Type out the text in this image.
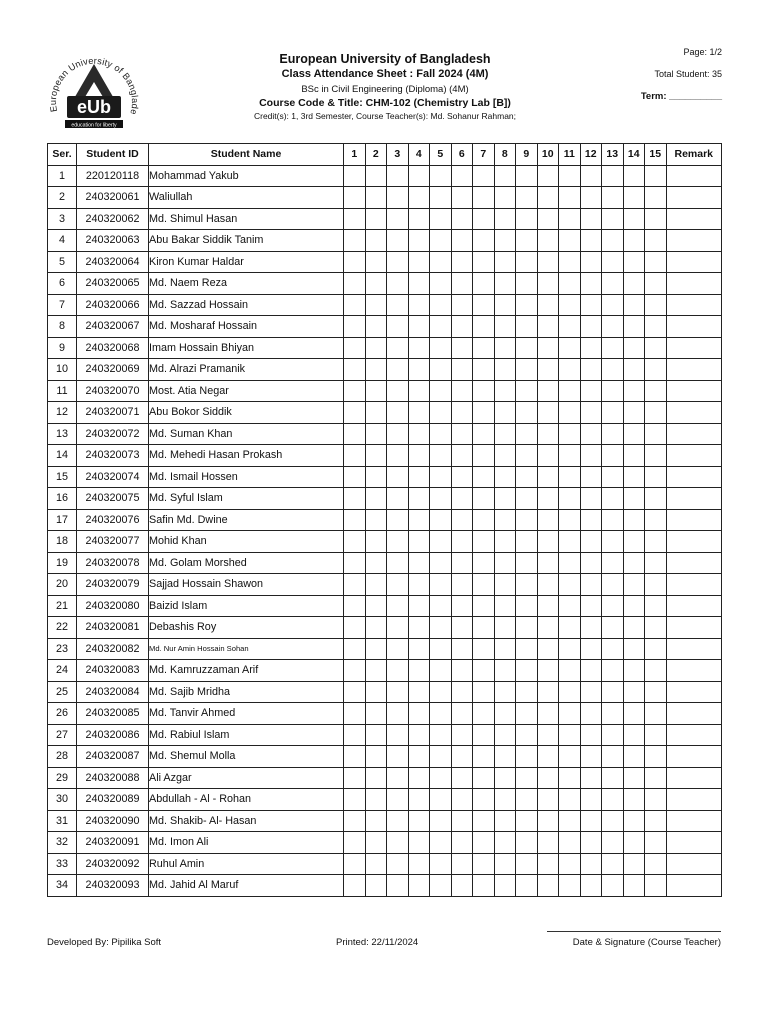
European University of Banglade
eUb
education for liberty
European University of Bangladesh
Class Attendance Sheet : Fall 2024 (4M)
BSc in Civil Engineering (Diploma) (4M)
Course Code & Title: CHM-102 (Chemistry Lab [B])
Credit(s): 1, 3rd Semester, Course Teacher(s): Md. Sohanur Rahman;
Page: 1/2
Total Student: 35
Term: __________
Ser.	Student ID	Student Name	1	2	3	4	5	6	7	8	9	10	11	12	13	14	15	Remark
1	220120118	Mohammad Yakub																
2	240320061	Waliullah																
3	240320062	Md. Shimul Hasan																
4	240320063	Abu Bakar Siddik Tanim																
5	240320064	Kiron Kumar Haldar																
6	240320065	Md. Naem Reza																
7	240320066	Md. Sazzad Hossain																
8	240320067	Md. Mosharaf Hossain																
9	240320068	Imam Hossain Bhiyan																
10	240320069	Md. Alrazi Pramanik																
11	240320070	Most. Atia Negar																
12	240320071	Abu Bokor Siddik																
13	240320072	Md. Suman Khan																
14	240320073	Md. Mehedi Hasan Prokash																
15	240320074	Md. Ismail Hossen																
16	240320075	Md. Syful Islam																
17	240320076	Safin Md. Dwine																
18	240320077	Mohid Khan																
19	240320078	Md. Golam Morshed																
20	240320079	Sajjad Hossain Shawon																
21	240320080	Baizid Islam																
22	240320081	Debashis Roy																
23	240320082	Md. Nur Amin Hossain Sohan																
24	240320083	Md. Kamruzzaman Arif																
25	240320084	Md. Sajib Mridha																
26	240320085	Md. Tanvir Ahmed																
27	240320086	Md. Rabiul Islam																
28	240320087	Md. Shemul Molla																
29	240320088	Ali Azgar																
30	240320089	Abdullah - Al - Rohan																
31	240320090	Md. Shakib- Al- Hasan																
32	240320091	Md. Imon Ali																
33	240320092	Ruhul Amin																
34	240320093	Md. Jahid Al Maruf																
Developed By: Pipilika Soft	Printed: 22/11/2024	Date & Signature (Course Teacher)
